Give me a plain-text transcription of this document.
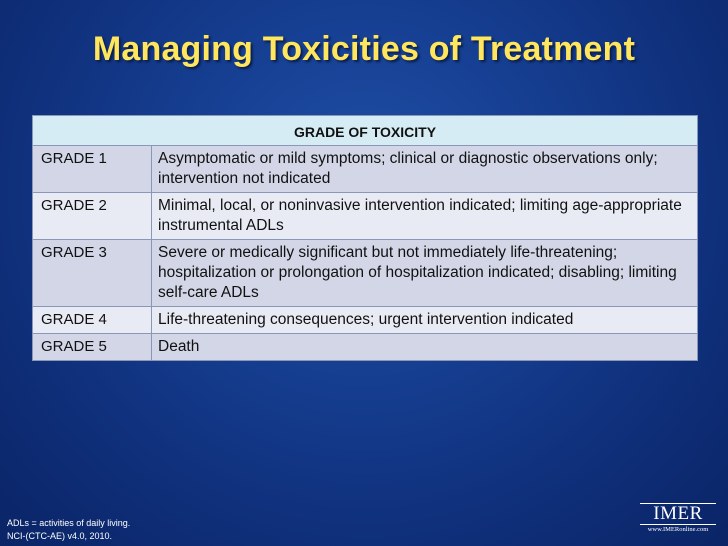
Managing Toxicities of Treatment
GRADE OF TOXICITY	
GRADE 1	Asymptomatic or mild symptoms; clinical or diagnostic observations only; intervention not indicated
GRADE 2	Minimal, local, or noninvasive intervention indicated; limiting age-appropriate instrumental ADLs
GRADE 3	Severe or medically significant but not immediately life-threatening; hospitalization or prolongation of hospitalization indicated; disabling; limiting self-care ADLs
GRADE 4	Life-threatening consequences; urgent intervention indicated
GRADE 5	Death
ADLs = activities of daily living.
NCI-(CTC-AE) v4.0, 2010.
IMER
www.IMERonline.com
